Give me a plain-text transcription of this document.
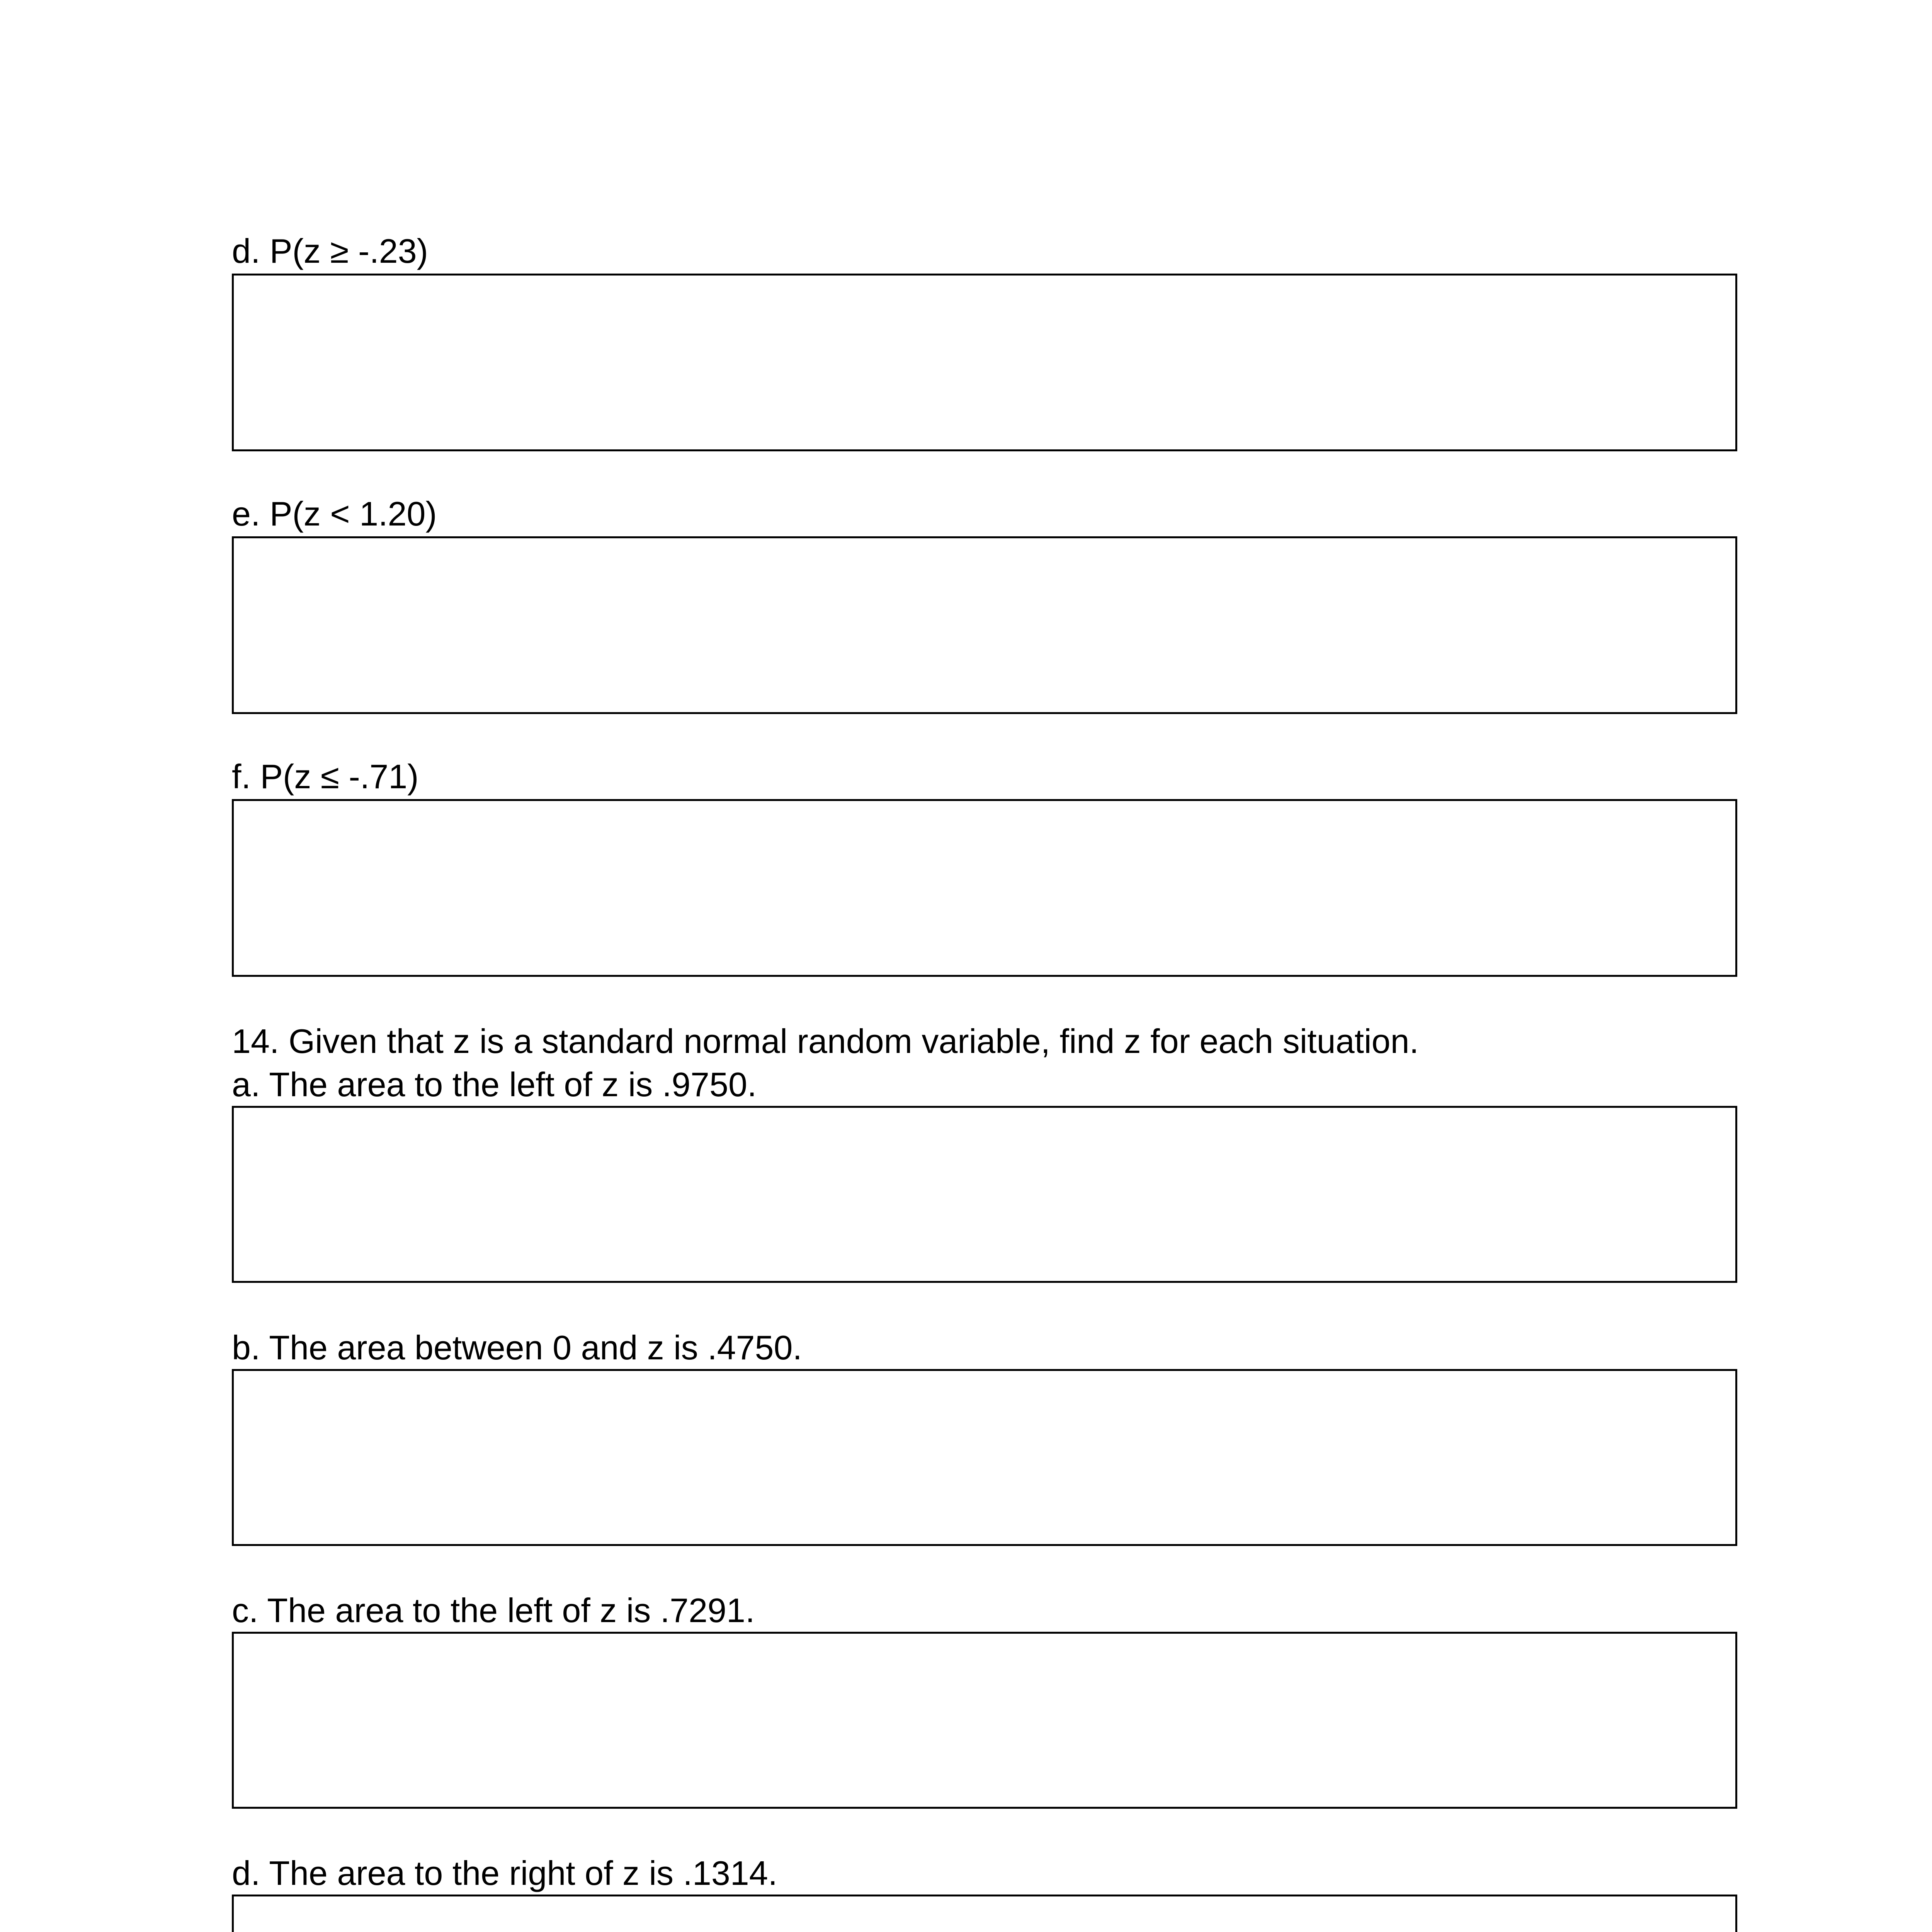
d. P(z ≥ -.23)
e. P(z < 1.20)
f. P(z ≤ -.71)
14. Given that z is a standard normal random variable, find z for each situation.
a. The area to the left of z is .9750.
b. The area between 0 and z is .4750.
c. The area to the left of z is .7291.
d. The area to the right of z is .1314.
